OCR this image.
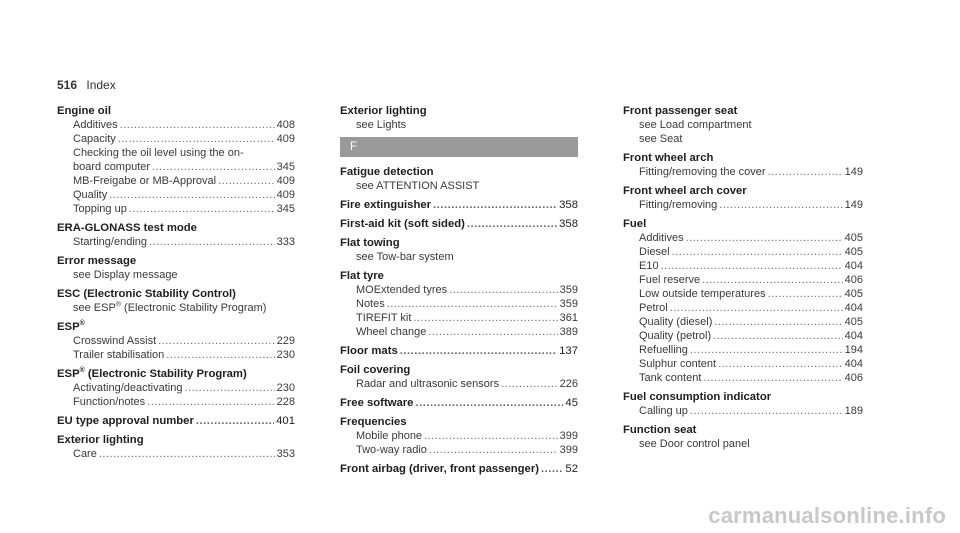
516 Index
Engine oil
Additives .....	408
Capacity .....	409
Checking the oil level using the on-
board computer .....	345
MB-Freigabe or MB-Approval .....	409
Quality .....	409
Topping up .....	345
ERA-GLONASS test mode
Starting/ending .....	333
Error message
see Display message
ESC (Electronic Stability Control)
see ESP® (Electronic Stability Program)
ESP®
Crosswind Assist .....	229
Trailer stabilisation .....	230
ESP® (Electronic Stability Program)
Activating/deactivating .....	230
Function/notes .....	228
EU type approval number .....	401
Exterior lighting
Care .....	353
Exterior lighting
see Lights
F
Fatigue detection
see ATTENTION ASSIST
Fire extinguisher .....	358
First-aid kit (soft sided) .....	358
Flat towing
see Tow-bar system
Flat tyre
MOExtended tyres .....	359
Notes .....	359
TIREFIT kit .....	361
Wheel change .....	389
Floor mats .....	137
Foil covering
Radar and ultrasonic sensors .....	226
Free software .....	45
Frequencies
Mobile phone .....	399
Two-way radio .....	399
Front airbag (driver, front passenger) ..... 52
Front passenger seat
see Load compartment
see Seat
Front wheel arch
Fitting/removing the cover .....	149
Front wheel arch cover
Fitting/removing .....	149
Fuel
Additives .....	405
Diesel .....	405
E10 .....	404
Fuel reserve .....	406
Low outside temperatures .....	405
Petrol .....	404
Quality (diesel) .....	405
Quality (petrol) .....	404
Refuelling .....	194
Sulphur content .....	404
Tank content .....	406
Fuel consumption indicator
Calling up .....	189
Function seat
see Door control panel
carmanualsonline.info
